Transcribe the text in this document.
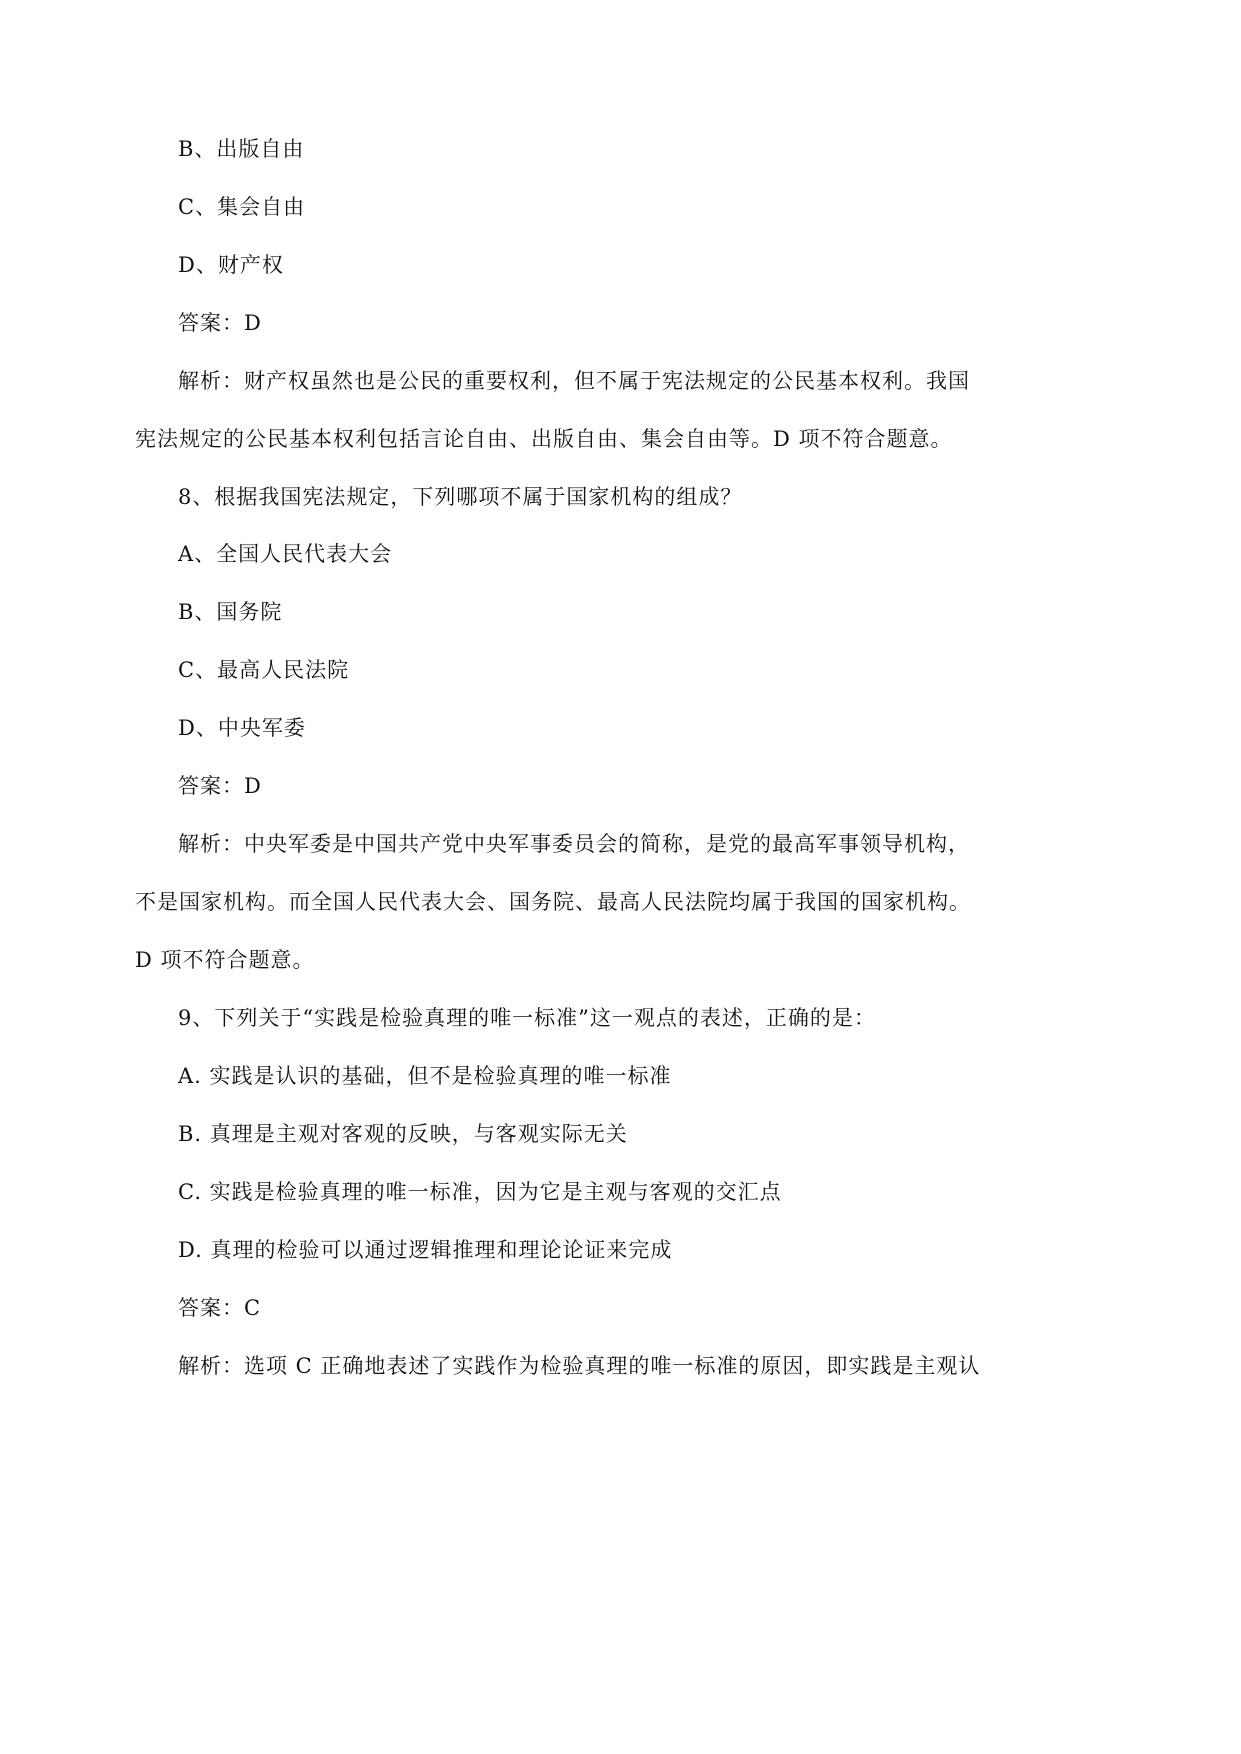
B、出版自由
C、集会自由
D、财产权
答案：D
解析：财产权虽然也是公民的重要权利，但不属于宪法规定的公民基本权利。我国
宪法规定的公民基本权利包括言论自由、出版自由、集会自由等。D 项不符合题意。
8、根据我国宪法规定，下列哪项不属于国家机构的组成？
A、全国人民代表大会
B、国务院
C、最高人民法院
D、中央军委
答案：D
解析：中央军委是中国共产党中央军事委员会的简称，是党的最高军事领导机构，
不是国家机构。而全国人民代表大会、国务院、最高人民法院均属于我国的国家机构。
D 项不符合题意。
9、下列关于“实践是检验真理的唯一标准”这一观点的表述，正确的是：
A. 实践是认识的基础，但不是检验真理的唯一标准
B. 真理是主观对客观的反映，与客观实际无关
C. 实践是检验真理的唯一标准，因为它是主观与客观的交汇点
D. 真理的检验可以通过逻辑推理和理论论证来完成
答案：C
解析：选项 C 正确地表述了实践作为检验真理的唯一标准的原因，即实践是主观认
